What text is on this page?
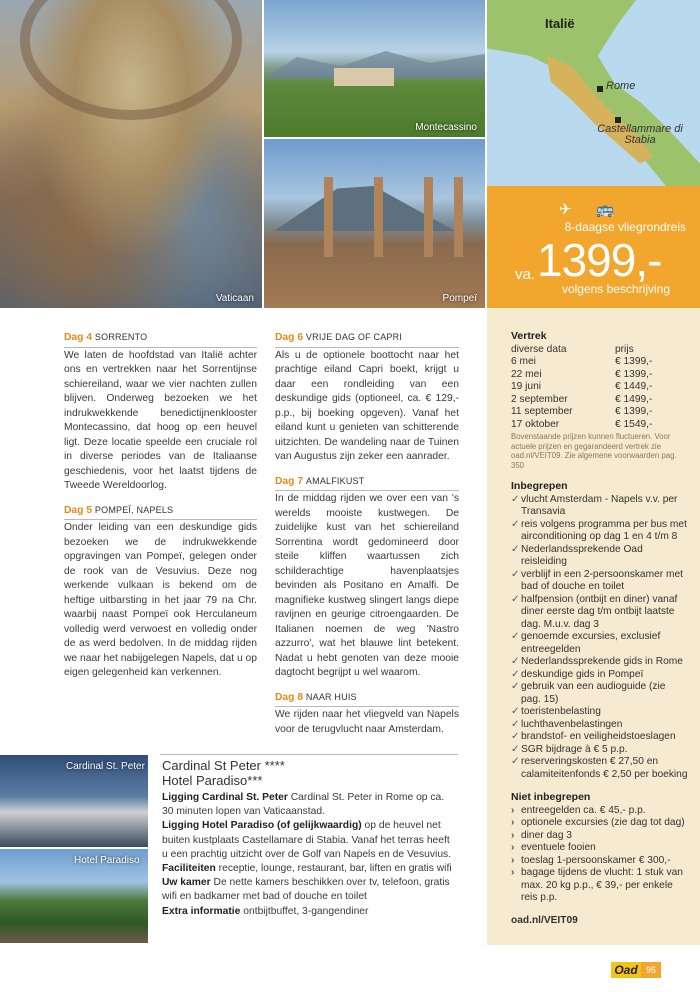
Vaticaan
Montecassino
Pompeï
Italië
Rome
Castellammare di Stabia
✈ 🚌
8-daagse vliegrondreis
1399,-
va.
volgens beschrijving
Dag 4 SORRENTO
We laten de hoofdstad van Italië achter ons en vertrekken naar het Sorrentijnse schiereiland, waar we vier nachten zullen blijven. Onderweg bezoeken we het indrukwekkende benedictijnenklooster Montecassino, dat hoog op een heuvel ligt. Deze locatie speelde een cruciale rol in diverse periodes van de Italiaanse geschiedenis, voor het laatst tijdens de Tweede Wereldoorlog.
Dag 5 POMPEÏ, NAPELS
Onder leiding van een deskundige gids bezoeken we de indrukwekkende opgravingen van Pompeï, gelegen onder de rook van de Vesuvius. Deze nog werkende vulkaan is bekend om de heftige uitbarsting in het jaar 79 na Chr. waarbij naast Pompeï ook Herculaneum volledig werd verwoest en volledig onder de as werd bedolven. In de middag rijden we naar het nabijgelegen Napels, dat u op eigen gelegenheid kan verkennen.
Dag 6 VRIJE DAG OF CAPRI
Als u de optionele boottocht naar het prachtige eiland Capri boekt, krijgt u daar een rondleiding van een deskundige gids (optioneel, ca. € 129,- p.p., bij boeking opgeven). Vanaf het eiland kunt u genieten van schitterende uitzichten. De wandeling naar de Tuinen van Augustus zijn zeker een aanrader.
Dag 7 AMALFIKUST
In de middag rijden we over een van 's werelds mooiste kustwegen. De zuidelijke kust van het schiereiland Sorrentina wordt gedomineerd door steile kliffen waartussen zich schilderachtige havenplaatsjes bevinden als Positano en Amalfi. De magnifieke kustweg slingert langs diepe ravijnen en geurige citroengaarden. De Italianen noemen de weg 'Nastro azzurro', wat het blauwe lint betekent. Nadat u hebt genoten van deze mooie dagtocht begrijpt u wel waarom.
Dag 8 NAAR HUIS
We rijden naar het vliegveld van Napels voor de terugvlucht naar Amsterdam.
Cardinal St. Peter
Hotel Paradiso
Cardinal St Peter ****
Hotel Paradiso***
Ligging Cardinal St. Peter Cardinal St. Peter in Rome op ca. 30 minuten lopen van Vaticaanstad.
Ligging Hotel Paradiso (of gelijkwaardig) op de heuvel net buiten kustplaats Castellamare di Stabia. Vanaf het terras heeft u een prachtig uitzicht over de Golf van Napels en de Vesuvius.
Faciliteiten receptie, lounge, restaurant, bar, liften en gratis wifi
Uw kamer De nette kamers beschikken over tv, telefoon, gratis wifi en badkamer met bad of douche en toilet
Extra informatie ontbijtbuffet, 3-gangendiner
Vertrek
diverse data	prijs
6 mei	€ 1399,-
22 mei	€ 1399,-
19 juni	€ 1449,-
2 september	€ 1499,-
11 september	€ 1399,-
17 oktober	€ 1549,-
Bovenstaande prijzen kunnen fluctueren. Voor actuele prijzen en gegarandeerd vertrek zie oad.nl/VEIT09. Zie algemene voorwaarden pag. 350
Inbegrepen
✓ vlucht Amsterdam - Napels v.v. per Transavia
✓ reis volgens programma per bus met airconditioning op dag 1 en 4 t/m 8
✓ Nederlandssprekende Oad reisleiding
✓ verblijf in een 2-persoonskamer met bad of douche en toilet
✓ halfpension (ontbijt en diner) vanaf diner eerste dag t/m ontbijt laatste dag. M.u.v. dag 3
✓ genoemde excursies, exclusief entreegelden
✓ Nederlandssprekende gids in Rome
✓ deskundige gids in Pompeï
✓ gebruik van een audioguide (zie pag. 15)
✓ toeristenbelasting
✓ luchthavenbelastingen
✓ brandstof- en veiligheidstoeslagen
✓ SGR bijdrage à € 5 p.p.
✓ reserveringskosten € 27,50 en calamiteitenfonds € 2,50 per boeking
Niet inbegrepen
› entreegelden ca. € 45,- p.p.
› optionele excursies (zie dag tot dag)
› diner dag 3
› eventuele fooien
› toeslag 1-persoonskamer € 300,-
› bagage tijdens de vlucht: 1 stuk van max. 20 kg p.p., € 39,- per enkele reis p.p.
oad.nl/VEIT09
Oad 95
